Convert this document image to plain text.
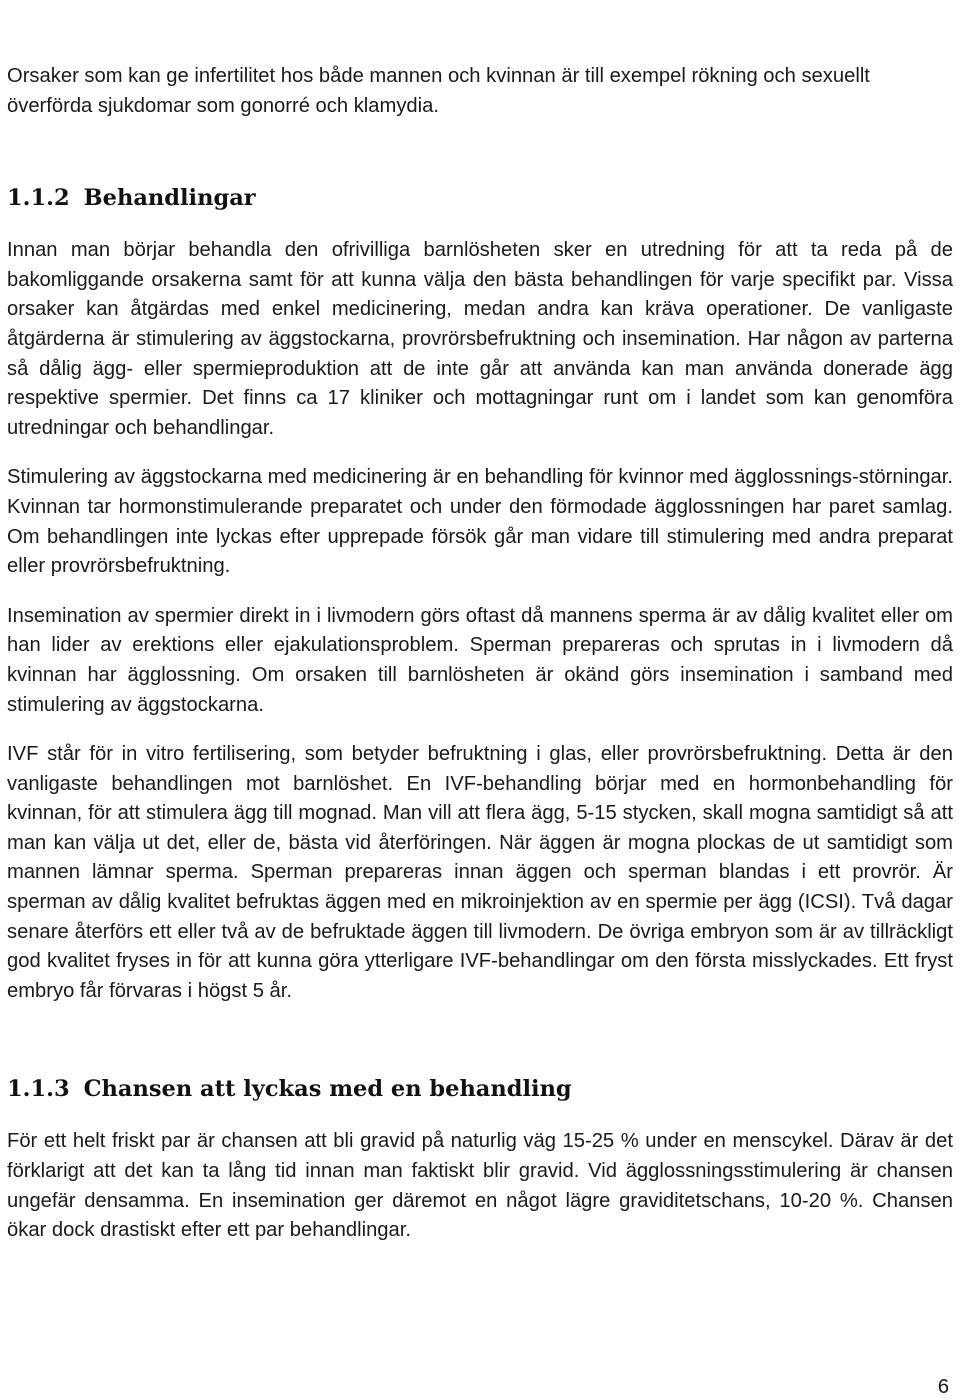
Orsaker som kan ge infertilitet hos både mannen och kvinnan är till exempel rökning och sexuellt överförda sjukdomar som gonorré och klamydia.

1.1.2 Behandlingar

Innan man börjar behandla den ofrivilliga barnlösheten sker en utredning för att ta reda på de bakomliggande orsakerna samt för att kunna välja den bästa behandlingen för varje specifikt par. Vissa orsaker kan åtgärdas med enkel medicinering, medan andra kan kräva operationer. De vanligaste åtgärderna är stimulering av äggstockarna, provrörsbefruktning och insemination. Har någon av parterna så dålig ägg- eller spermieproduktion att de inte går att använda kan man använda donerade ägg respektive spermier. Det finns ca 17 kliniker och mottagningar runt om i landet som kan genomföra utredningar och behandlingar.

Stimulering av äggstockarna med medicinering är en behandling för kvinnor med ägglossnings-störningar. Kvinnan tar hormonstimulerande preparatet och under den förmodade ägglossningen har paret samlag. Om behandlingen inte lyckas efter upprepade försök går man vidare till stimulering med andra preparat eller provrörsbefruktning.

Insemination av spermier direkt in i livmodern görs oftast då mannens sperma är av dålig kvalitet eller om han lider av erektions eller ejakulationsproblem. Sperman prepareras och sprutas in i livmodern då kvinnan har ägglossning. Om orsaken till barnlösheten är okänd görs insemination i samband med stimulering av äggstockarna.

IVF står för in vitro fertilisering, som betyder befruktning i glas, eller provrörsbefruktning. Detta är den vanligaste behandlingen mot barnlöshet. En IVF-behandling börjar med en hormonbehandling för kvinnan, för att stimulera ägg till mognad. Man vill att flera ägg, 5-15 stycken, skall mogna samtidigt så att man kan välja ut det, eller de, bästa vid återföringen. När äggen är mogna plockas de ut samtidigt som mannen lämnar sperma. Sperman prepareras innan äggen och sperman blandas i ett provrör. Är sperman av dålig kvalitet befruktas äggen med en mikroinjektion av en spermie per ägg (ICSI). Två dagar senare återförs ett eller två av de befruktade äggen till livmodern. De övriga embryon som är av tillräckligt god kvalitet fryses in för att kunna göra ytterligare IVF-behandlingar om den första misslyckades. Ett fryst embryo får förvaras i högst 5 år.

1.1.3 Chansen att lyckas med en behandling

För ett helt friskt par är chansen att bli gravid på naturlig väg 15-25 % under en menscykel. Därav är det förklarigt att det kan ta lång tid innan man faktiskt blir gravid. Vid ägglossningsstimulering är chansen ungefär densamma. En insemination ger däremot en något lägre graviditetschans, 10-20 %. Chansen ökar dock drastiskt efter ett par behandlingar.

6
